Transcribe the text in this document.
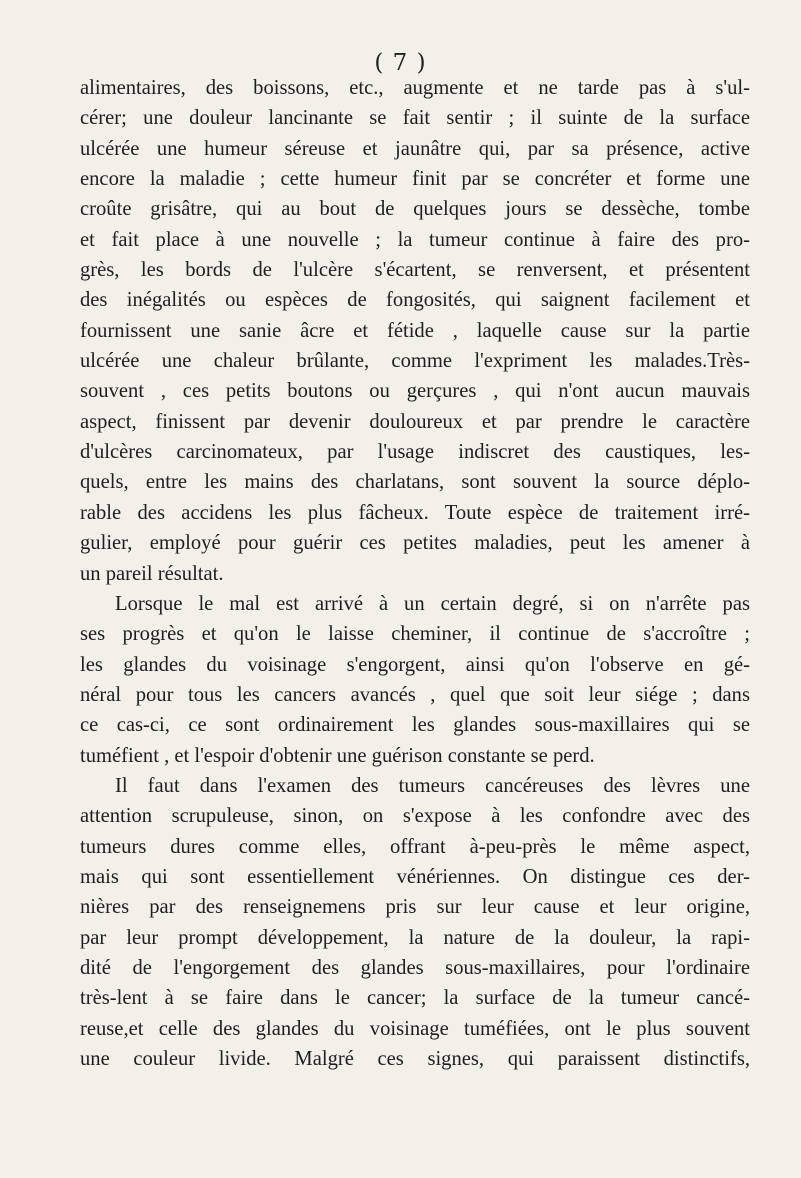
( 7 )
alimentaires, des boissons, etc., augmente et ne tarde pas à s'ul-
cérer; une douleur lancinante se fait sentir ; il suinte de la surface
ulcérée une humeur séreuse et jaunâtre qui, par sa présence, active
encore la maladie ; cette humeur finit par se concréter et forme une
croûte grisâtre, qui au bout de quelques jours se dessèche, tombe
et fait place à une nouvelle ; la tumeur continue à faire des pro-
grès, les bords de l'ulcère s'écartent, se renversent, et présentent
des inégalités ou espèces de fongosités, qui saignent facilement et
fournissent une sanie âcre et fétide , laquelle cause sur la partie
ulcérée une chaleur brûlante, comme l'expriment les malades.Très-
souvent , ces petits boutons ou gerçures , qui n'ont aucun mauvais
aspect, finissent par devenir douloureux et par prendre le caractère
d'ulcères carcinomateux, par l'usage indiscret des caustiques, les-
quels, entre les mains des charlatans, sont souvent la source déplo-
rable des accidens les plus fâcheux. Toute espèce de traitement irré-
gulier, employé pour guérir ces petites maladies, peut les amener à
un pareil résultat.
Lorsque le mal est arrivé à un certain degré, si on n'arrête pas
ses progrès et qu'on le laisse cheminer, il continue de s'accroître ;
les glandes du voisinage s'engorgent, ainsi qu'on l'observe en gé-
néral pour tous les cancers avancés , quel que soit leur siége ; dans
ce cas-ci, ce sont ordinairement les glandes sous-maxillaires qui se
tuméfient , et l'espoir d'obtenir une guérison constante se perd.
Il faut dans l'examen des tumeurs cancéreuses des lèvres une
attention scrupuleuse, sinon, on s'expose à les confondre avec des
tumeurs dures comme elles, offrant à-peu-près le même aspect,
mais qui sont essentiellement vénériennes. On distingue ces der-
nières par des renseignemens pris sur leur cause et leur origine,
par leur prompt développement, la nature de la douleur, la rapi-
dité de l'engorgement des glandes sous-maxillaires, pour l'ordinaire
très-lent à se faire dans le cancer; la surface de la tumeur cancé-
reuse,et celle des glandes du voisinage tuméfiées, ont le plus souvent
une couleur livide. Malgré ces signes, qui paraissent distinctifs,
